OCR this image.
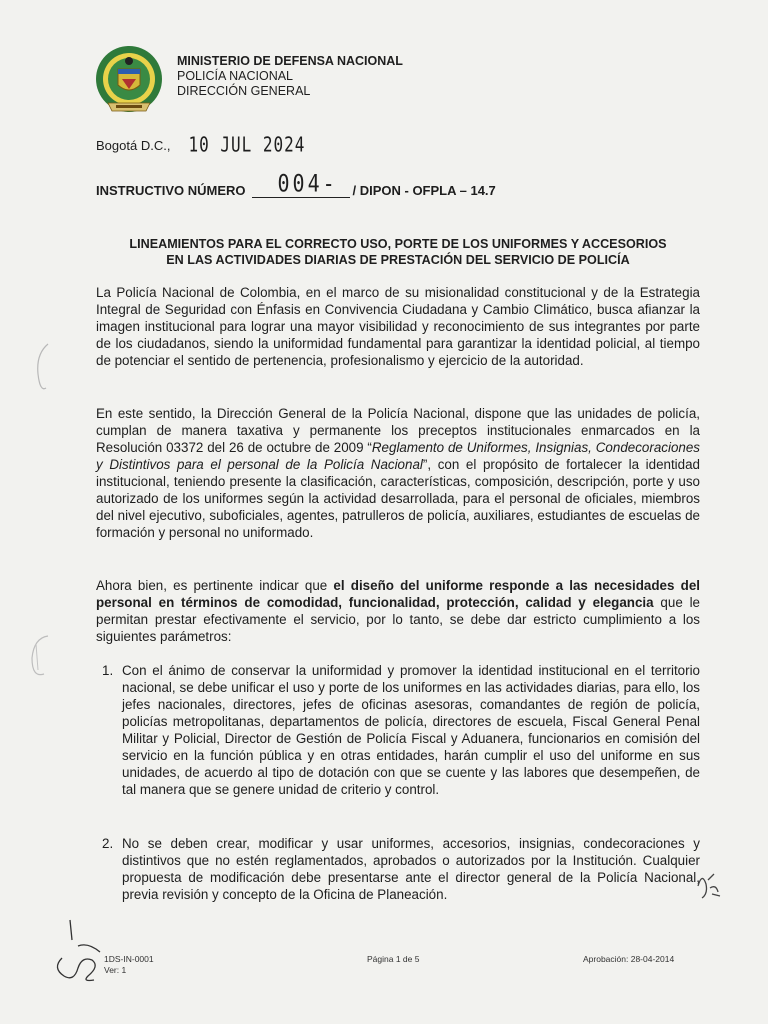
MINISTERIO DE DEFENSA NACIONAL
POLICÍA NACIONAL
DIRECCIÓN GENERAL
Bogotá D.C., 10 JUL 2024
INSTRUCTIVO NÚMERO 004- / DIPON - OFPLA – 14.7
LINEAMIENTOS PARA EL CORRECTO USO, PORTE DE LOS UNIFORMES Y ACCESORIOS
EN LAS ACTIVIDADES DIARIAS DE PRESTACIÓN DEL SERVICIO DE POLICÍA
La Policía Nacional de Colombia, en el marco de su misionalidad constitucional y de la Estrategia Integral de Seguridad con Énfasis en Convivencia Ciudadana y Cambio Climático, busca afianzar la imagen institucional para lograr una mayor visibilidad y reconocimiento de sus integrantes por parte de los ciudadanos, siendo la uniformidad fundamental para garantizar la identidad policial, al tiempo de potenciar el sentido de pertenencia, profesionalismo y ejercicio de la autoridad.
En este sentido, la Dirección General de la Policía Nacional, dispone que las unidades de policía, cumplan de manera taxativa y permanente los preceptos institucionales enmarcados en la Resolución 03372 del 26 de octubre de 2009 “Reglamento de Uniformes, Insignias, Condecoraciones y Distintivos para el personal de la Policía Nacional”, con el propósito de fortalecer la identidad institucional, teniendo presente la clasificación, características, composición, descripción, porte y uso autorizado de los uniformes según la actividad desarrollada, para el personal de oficiales, miembros del nivel ejecutivo, suboficiales, agentes, patrulleros de policía, auxiliares, estudiantes de escuelas de formación y personal no uniformado.
Ahora bien, es pertinente indicar que el diseño del uniforme responde a las necesidades del personal en términos de comodidad, funcionalidad, protección, calidad y elegancia que le permitan prestar efectivamente el servicio, por lo tanto, se debe dar estricto cumplimiento a los siguientes parámetros:
1. Con el ánimo de conservar la uniformidad y promover la identidad institucional en el territorio nacional, se debe unificar el uso y porte de los uniformes en las actividades diarias, para ello, los jefes nacionales, directores, jefes de oficinas asesoras, comandantes de región de policía, policías metropolitanas, departamentos de policía, directores de escuela, Fiscal General Penal Militar y Policial, Director de Gestión de Policía Fiscal y Aduanera, funcionarios en comisión del servicio en la función pública y en otras entidades, harán cumplir el uso del uniforme en sus unidades, de acuerdo al tipo de dotación con que se cuente y las labores que desempeñen, de tal manera que se genere unidad de criterio y control.
2. No se deben crear, modificar y usar uniformes, accesorios, insignias, condecoraciones y distintivos que no estén reglamentados, aprobados o autorizados por la Institución. Cualquier propuesta de modificación debe presentarse ante el director general de la Policía Nacional, previa revisión y concepto de la Oficina de Planeación.
1DS-IN-0001
Ver: 1
Página 1 de 5	Aprobación: 28-04-2014
